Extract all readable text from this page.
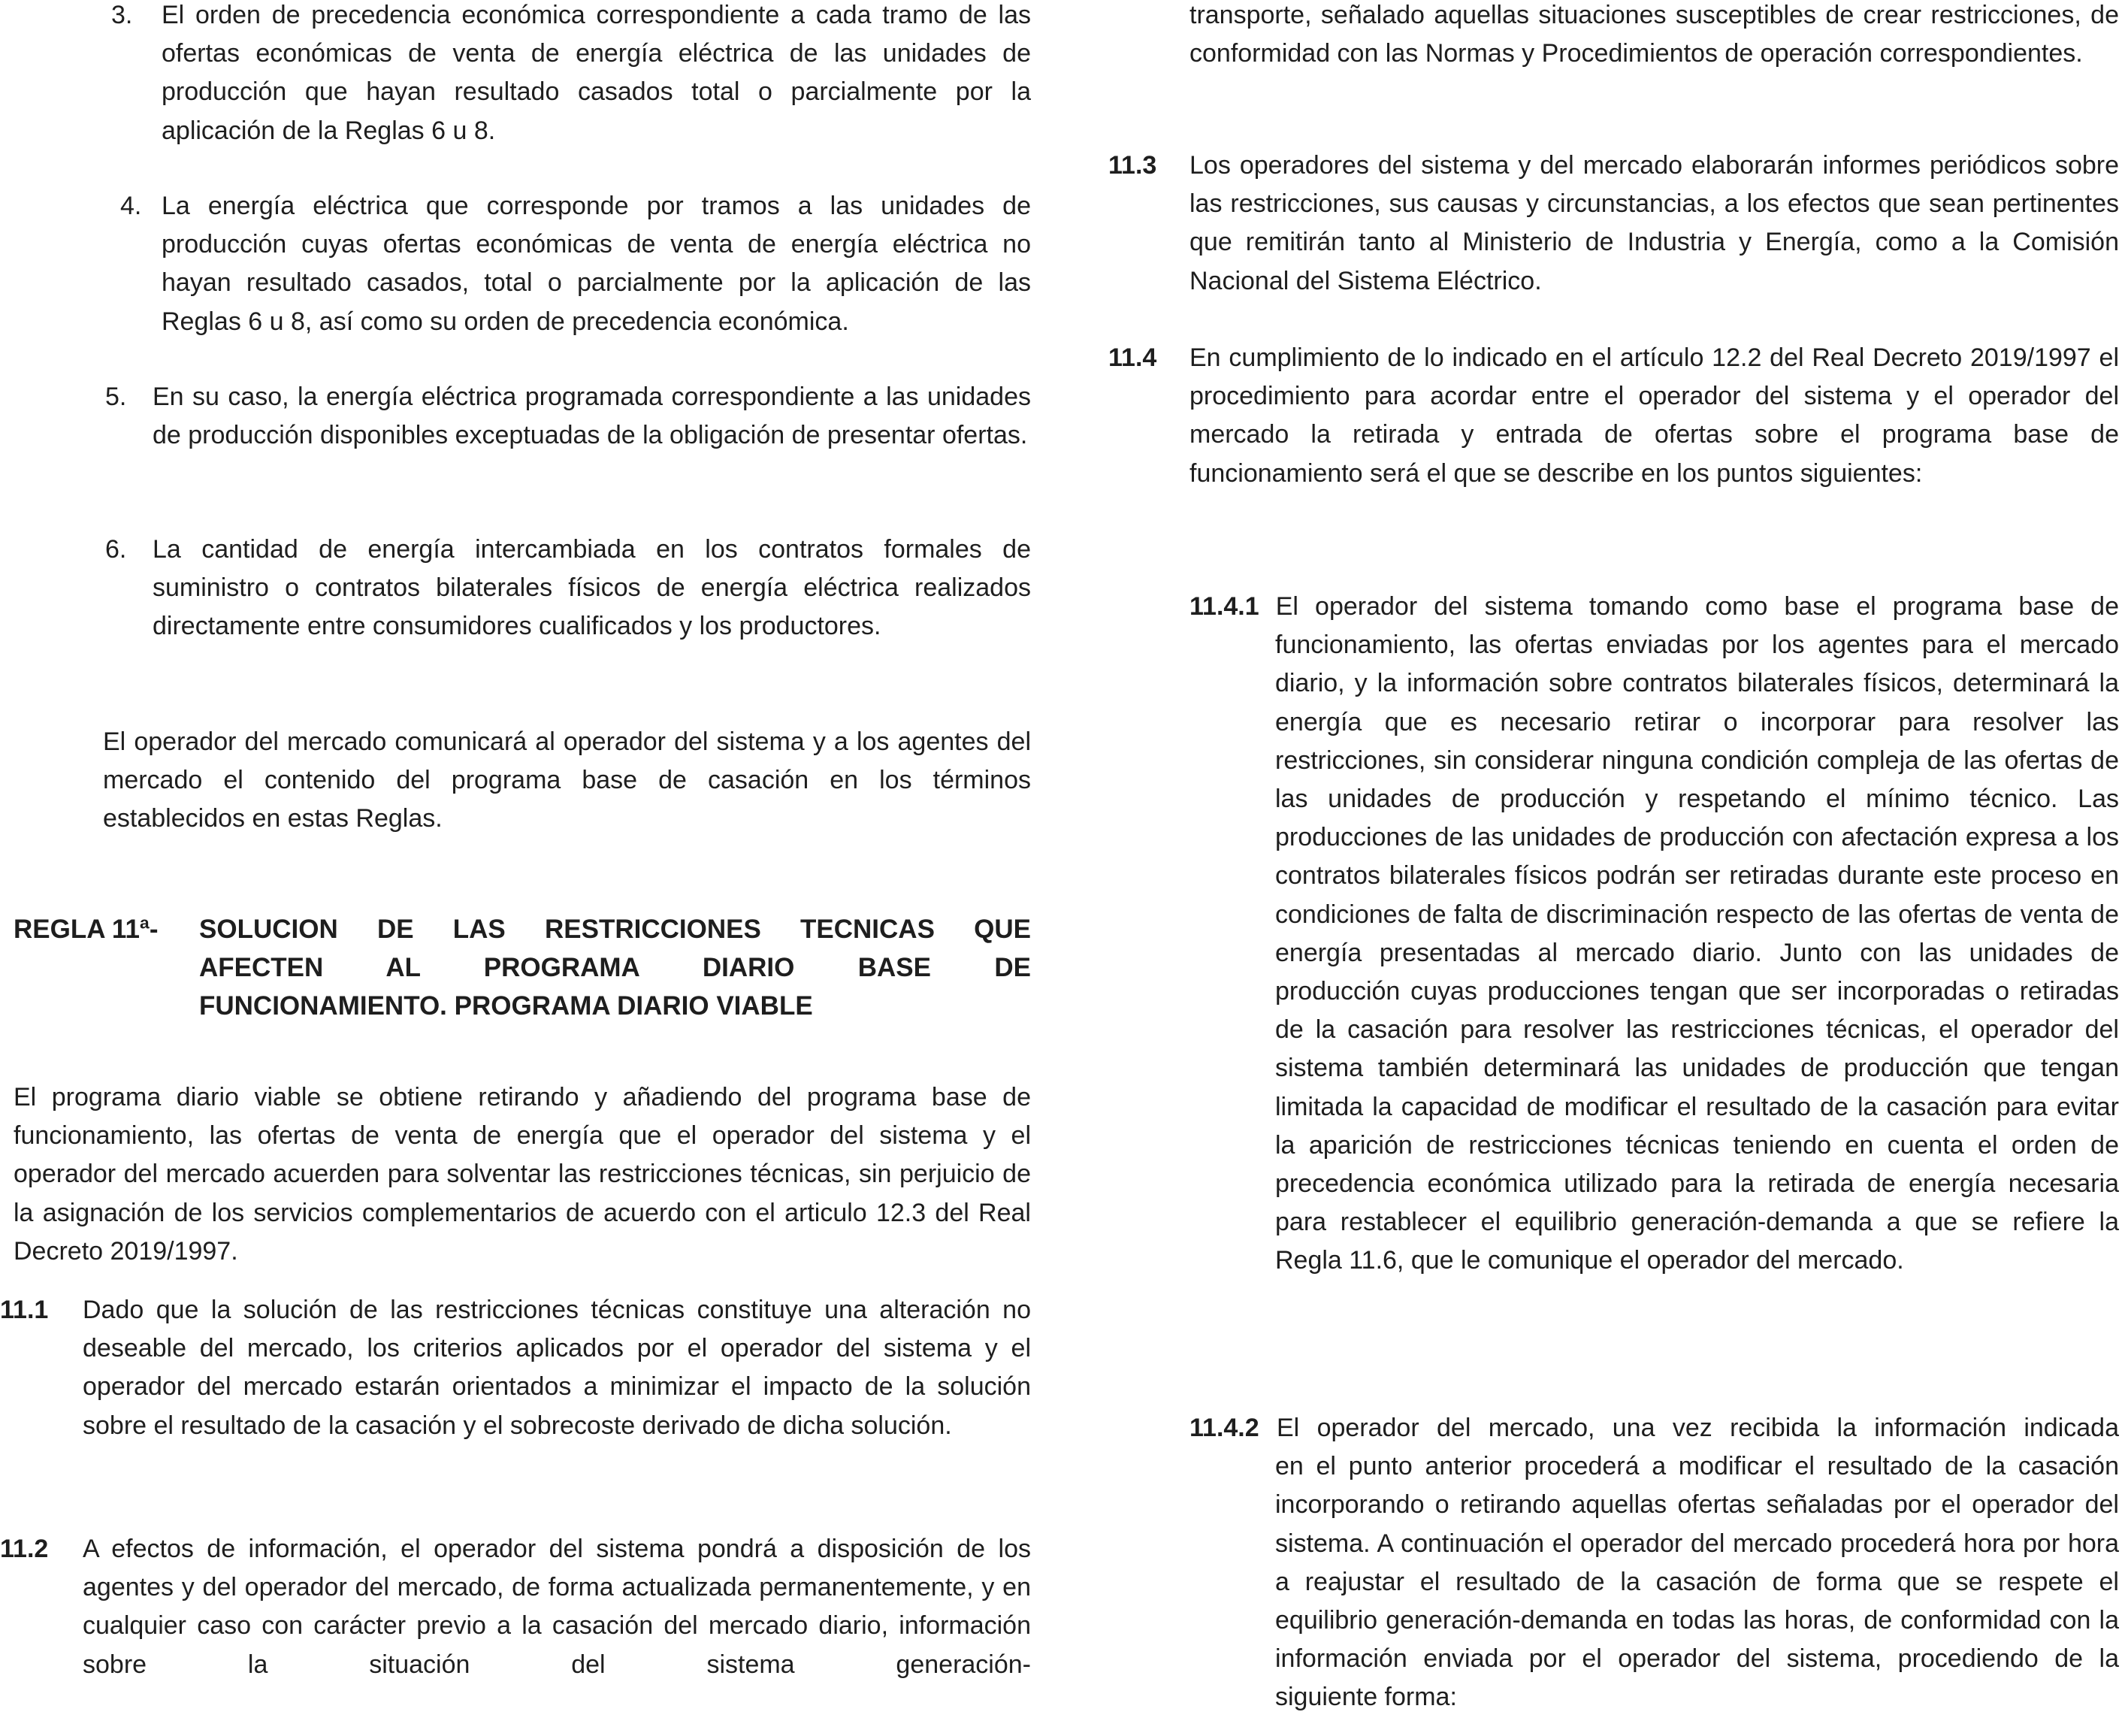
3. El orden de precedencia económica correspondiente a cada tramo de las ofertas económicas de venta de energía eléctrica de las unidades de producción que hayan resultado casados total o parcialmente por la aplicación de la Reglas 6 u 8.
4. La energía eléctrica que corresponde por tramos a las unidades de producción cuyas ofertas económicas de venta de energía eléctrica no hayan resultado casados, total o parcialmente por la aplicación de las Reglas 6 u 8, así como su orden de precedencia económica.
5. En su caso, la energía eléctrica programada correspondiente a las unidades de producción disponibles exceptuadas de la obligación de presentar ofertas.
6. La cantidad de energía intercambiada en los contratos formales de suministro o contratos bilaterales físicos de energía eléctrica realizados directamente entre consumidores cualificados y los productores.
El operador del mercado comunicará al operador del sistema y a los agentes del mercado el contenido del programa base de casación en los términos establecidos en estas Reglas.
REGLA 11ª- SOLUCION DE LAS RESTRICCIONES TECNICAS QUE
AFECTEN AL PROGRAMA DIARIO BASE DE
FUNCIONAMIENTO. PROGRAMA DIARIO VIABLE
El programa diario viable se obtiene retirando y añadiendo del programa base de funcionamiento, las ofertas de venta de energía que el operador del sistema y el operador del mercado acuerden para solventar las restricciones técnicas, sin perjuicio de la asignación de los servicios complementarios de acuerdo con el articulo 12.3 del Real Decreto 2019/1997.
11.1 Dado que la solución de las restricciones técnicas constituye una alteración no deseable del mercado, los criterios aplicados por el operador del sistema y el operador del mercado estarán orientados a minimizar el impacto de la solución sobre el resultado de la casación y el sobrecoste derivado de dicha solución.
11.2 A efectos de información, el operador del sistema pondrá a disposición de los agentes y del operador del mercado, de forma actualizada permanentemente, y en cualquier caso con carácter previo a la casación del mercado diario, información sobre la situación del sistema generación-
transporte, señalado aquellas situaciones susceptibles de crear restricciones, de conformidad con las Normas y Procedimientos de operación correspondientes.
11.3 Los operadores del sistema y del mercado elaborarán informes periódicos sobre las restricciones, sus causas y circunstancias, a los efectos que sean pertinentes que remitirán tanto al Ministerio de Industria y Energía, como a la Comisión Nacional del Sistema Eléctrico.
11.4 En cumplimiento de lo indicado en el artículo 12.2 del Real Decreto 2019/1997 el procedimiento para acordar entre el operador del sistema y el operador del mercado la retirada y entrada de ofertas sobre el programa base de funcionamiento será el que se describe en los puntos siguientes:
11.4.1 El operador del sistema tomando como base el programa base de
funcionamiento, las ofertas enviadas por los agentes para el mercado diario, y la información sobre contratos bilaterales físicos, determinará la energía que es necesario retirar o incorporar para resolver las restricciones, sin considerar ninguna condición compleja de las ofertas de las unidades de producción y respetando el mínimo técnico. Las producciones de las unidades de producción con afectación expresa a los contratos bilaterales físicos podrán ser retiradas durante este proceso en condiciones de falta de discriminación respecto de las ofertas de venta de energía presentadas al mercado diario. Junto con las unidades de producción cuyas producciones tengan que ser incorporadas o retiradas de la casación para resolver las restricciones técnicas, el operador del sistema también determinará las unidades de producción que tengan limitada la capacidad de modificar el resultado de la casación para evitar la aparición de restricciones técnicas teniendo en cuenta el orden de precedencia económica utilizado para la retirada de energía necesaria para restablecer el equilibrio generación-demanda a que se refiere la Regla 11.6, que le comunique el operador del mercado.
11.4.2 El operador del mercado, una vez recibida la información indicada
en el punto anterior procederá a modificar el resultado de la casación incorporando o retirando aquellas ofertas señaladas por el operador del sistema. A continuación el operador del mercado procederá hora por hora a reajustar el resultado de la casación de forma que se respete el equilibrio generación-demanda en todas las horas, de conformidad con la información enviada por el operador del sistema, procediendo de la siguiente forma:
